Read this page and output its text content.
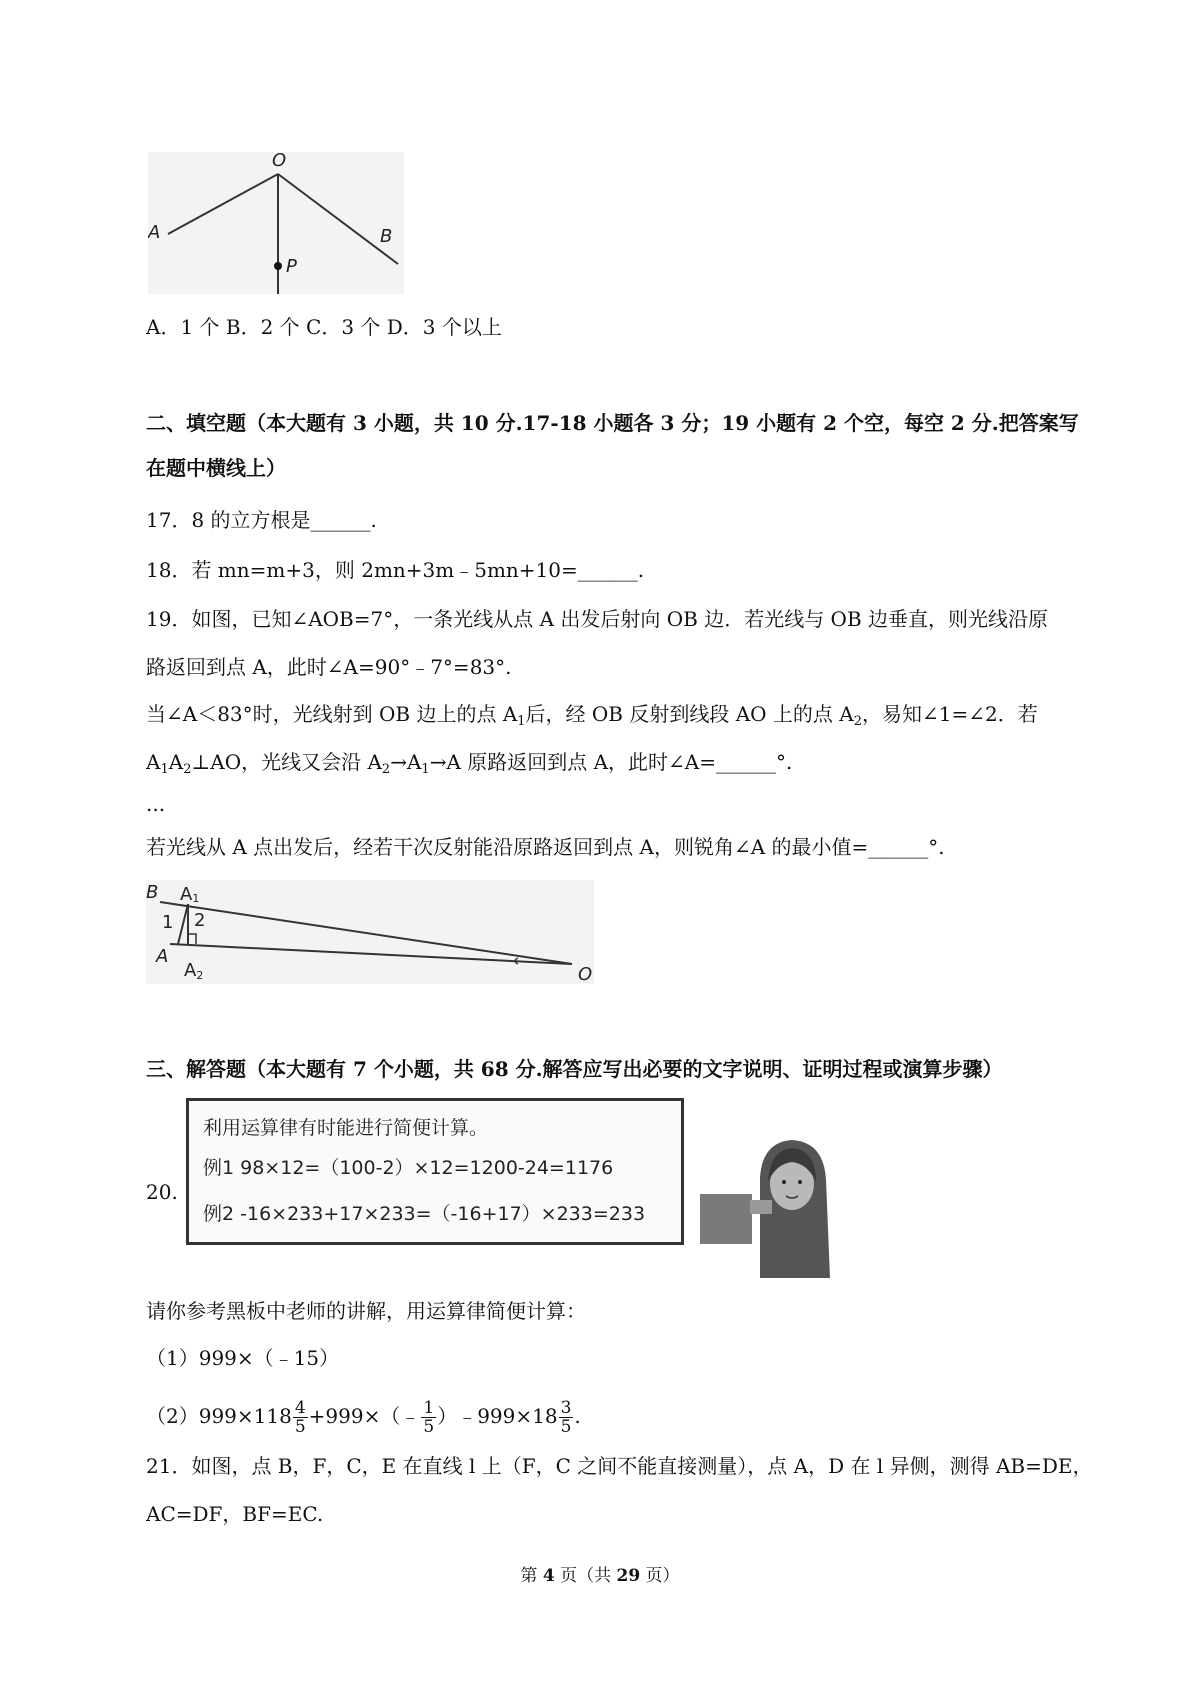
O
A	B
P
A．1 个 B．2 个 C．3 个 D．3 个以上
二、填空题（本大题有 3 小题，共 10 分.17-18 小题各 3 分；19 小题有 2 个空，每空 2 分.把答案写
在题中横线上）
17．8 的立方根是______.
18．若 mn=m+3，则 2mn+3m﹣5mn+10=______.
19．如图，已知∠AOB=7°，一条光线从点 A 出发后射向 OB 边．若光线与 OB 边垂直，则光线沿原
路返回到点 A，此时∠A=90°﹣7°=83°.
当∠A＜83°时，光线射到 OB 边上的点 $A_1$后，经 OB 反射到线段 AO 上的点 $A_2$，易知∠1=∠2．若
$A_1A_2\perp AO$，光线又会沿 $A_2\to A_1\to A$ 原路返回到点 A，此时∠A=______°.
...
若光线从 A 点出发后，经若干次反射能沿原路返回到点 A，则锐角∠A 的最小值=______°.
B A1
1 2
A
A2	O
三、解答题（本大题有 7 个小题，共 68 分.解答应写出必要的文字说明、证明过程或演算步骤）
20.
利用运算律有时能进行简便计算。
例1 98×12=（100-2）×12=1200-24=1176
例2 -16×233+17×233=（-16+17）×233=233
请你参考黑板中老师的讲解，用运算律简便计算：
（1）999×（﹣15）
$(2)999\times 118 \frac{4}{5}$ +999×（﹣ $\frac{1}{5}$ ）﹣999×18 $\frac{3}{5}$ .
21．如图，点 B，F，C，E 在直线 l 上（F，C 之间不能直接测量），点 A，D 在 l 异侧，测得 AB=DE，
AC=DF，BF=EC.
第 4 页（共 29 页）
